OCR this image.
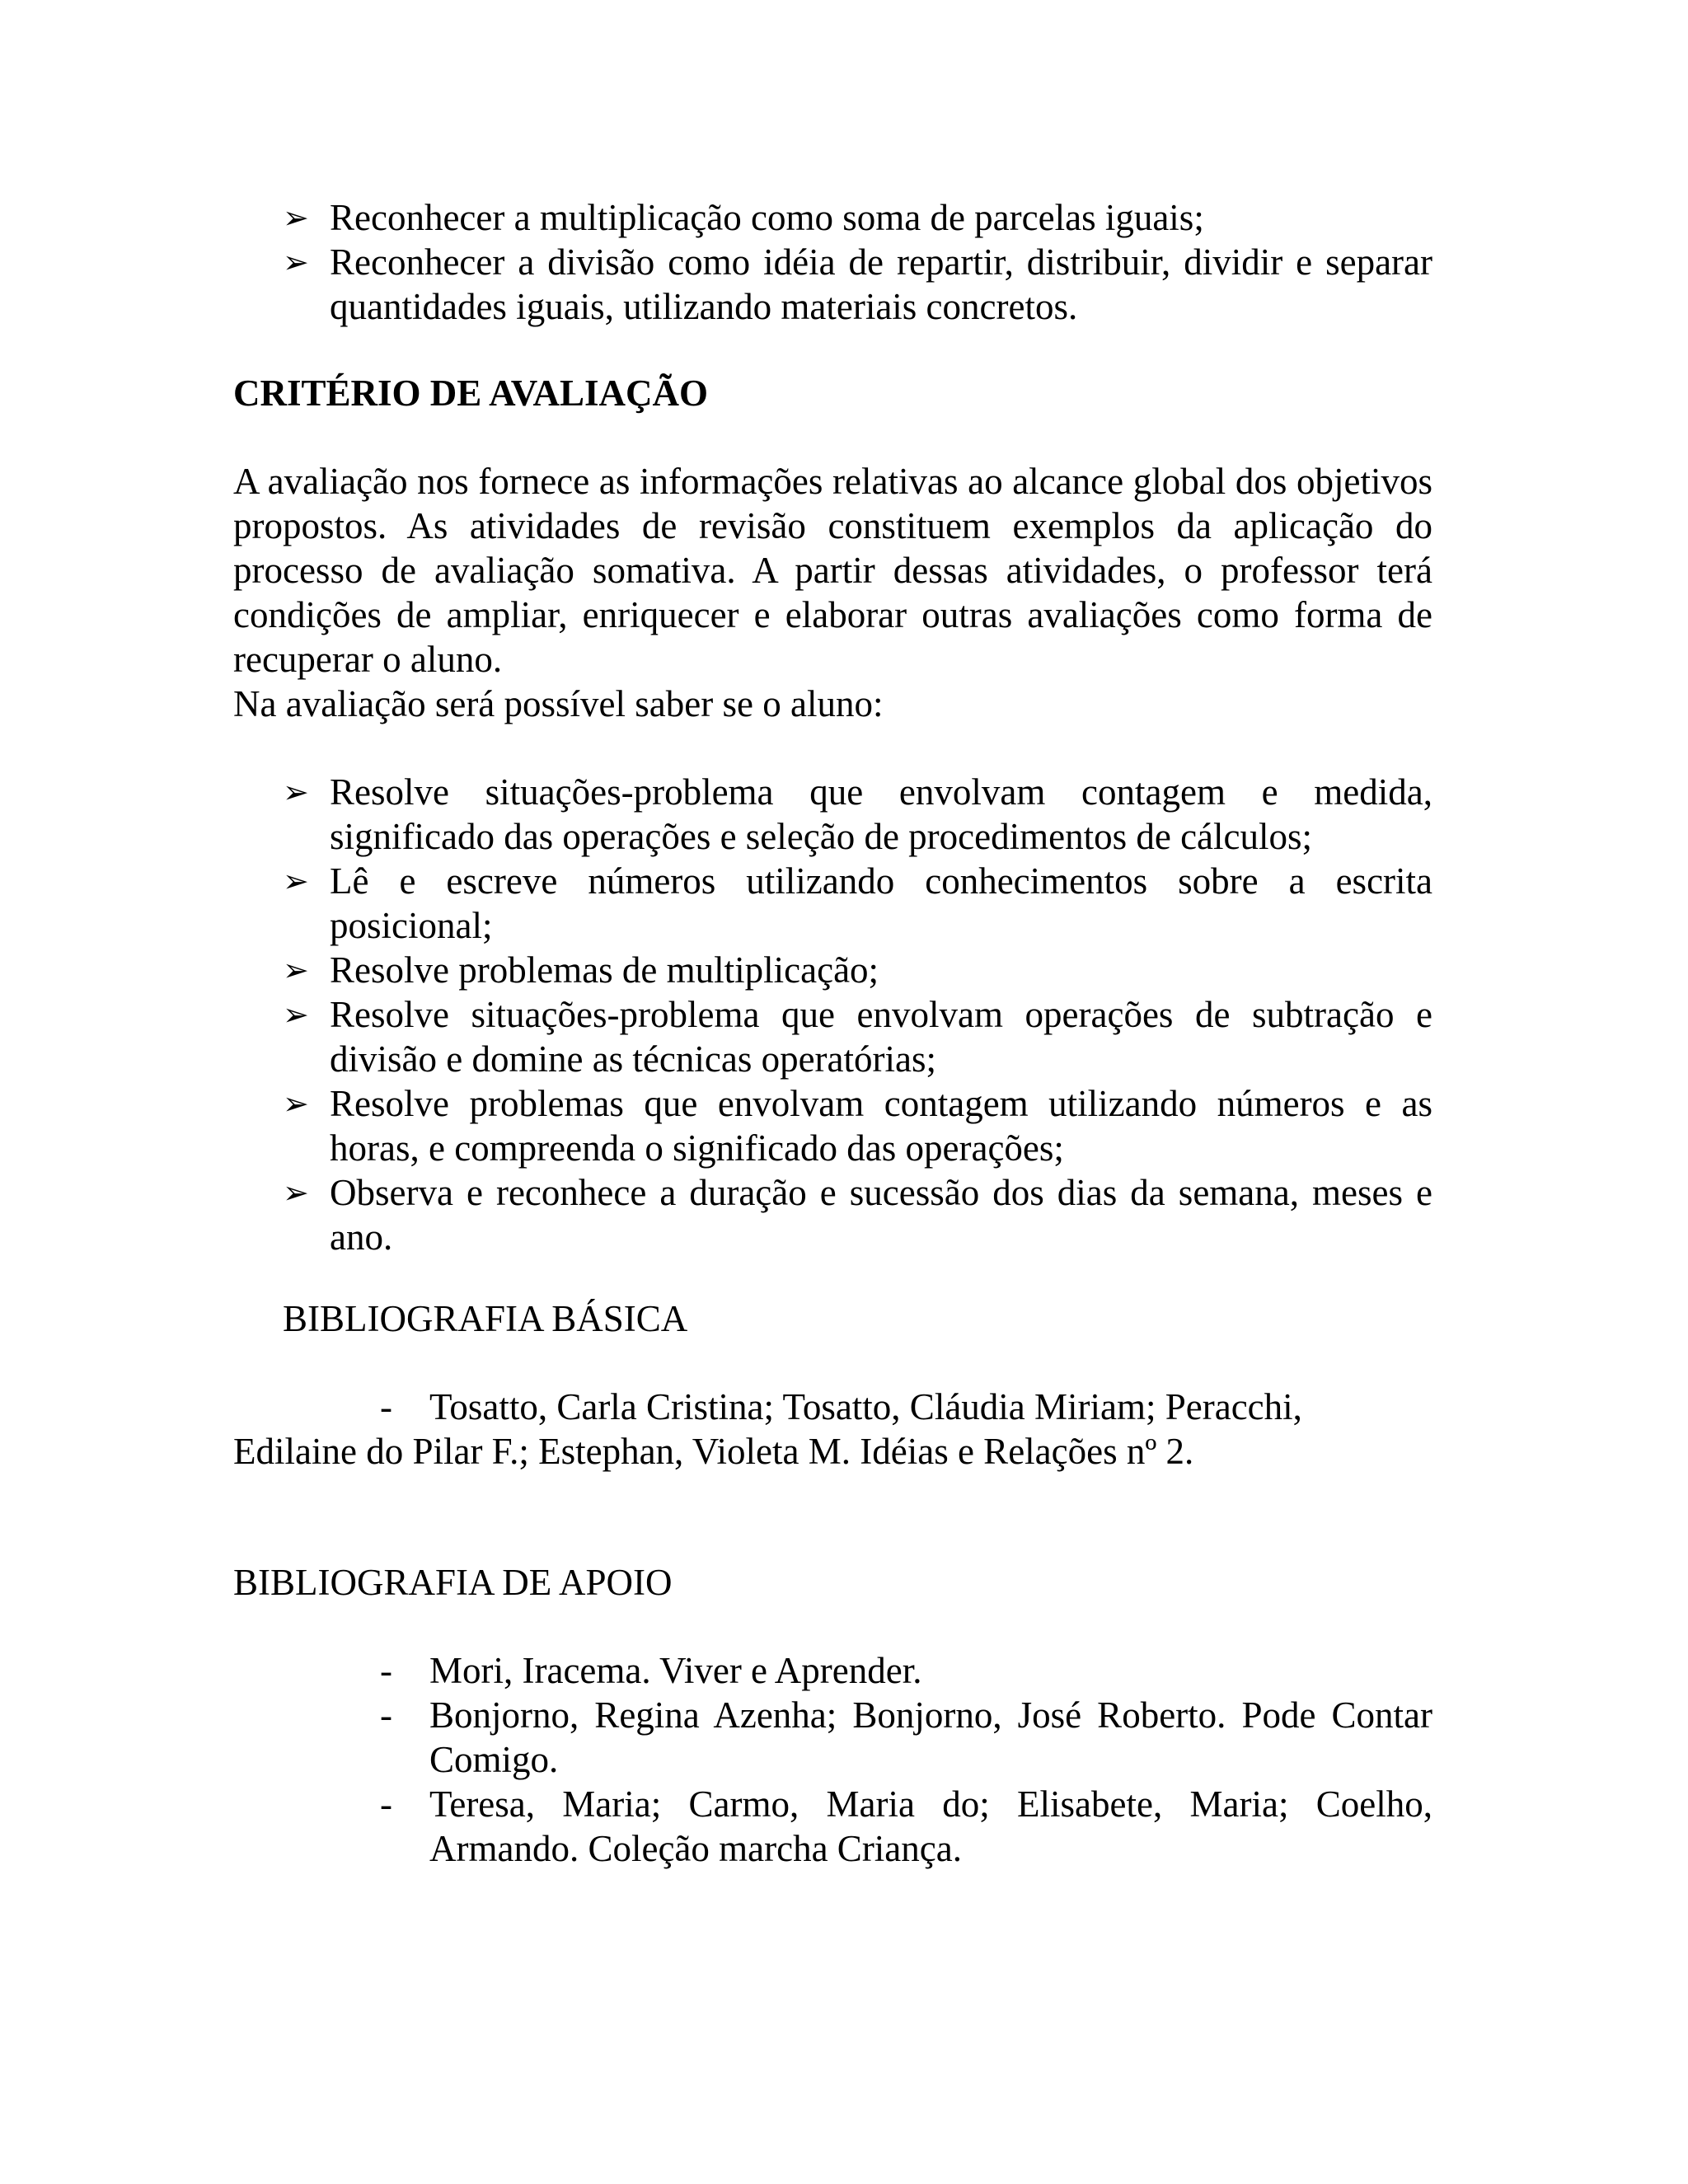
➢ Reconhecer a multiplicação como soma de parcelas iguais;
➢ Reconhecer a divisão como idéia de repartir, distribuir, dividir e separar quantidades iguais, utilizando materiais concretos.
CRITÉRIO DE AVALIAÇÃO
A avaliação nos fornece as informações relativas ao alcance global dos objetivos propostos. As atividades de revisão constituem exemplos da aplicação do processo de avaliação somativa. A partir dessas atividades, o professor terá condições de ampliar, enriquecer e elaborar outras avaliações como forma de recuperar o aluno.
Na avaliação será possível saber se o aluno:
➢ Resolve situações-problema que envolvam contagem e medida, significado das operações e seleção de procedimentos de cálculos;
➢ Lê e escreve números utilizando conhecimentos sobre a escrita posicional;
➢ Resolve problemas de multiplicação;
➢ Resolve situações-problema que envolvam operações de subtração e divisão e domine as técnicas operatórias;
➢ Resolve problemas que envolvam contagem utilizando números e as horas, e compreenda o significado das operações;
➢ Observa e reconhece a duração e sucessão dos dias da semana, meses e ano.
BIBLIOGRAFIA BÁSICA
- Tosatto, Carla Cristina; Tosatto, Cláudia Miriam; Peracchi,
Edilaine do Pilar F.; Estephan, Violeta M. Idéias e Relações nº 2.
BIBLIOGRAFIA DE APOIO
- Mori, Iracema. Viver e Aprender.
- Bonjorno, Regina Azenha; Bonjorno, José Roberto. Pode Contar Comigo.
- Teresa, Maria; Carmo, Maria do; Elisabete, Maria; Coelho, Armando. Coleção marcha Criança.
